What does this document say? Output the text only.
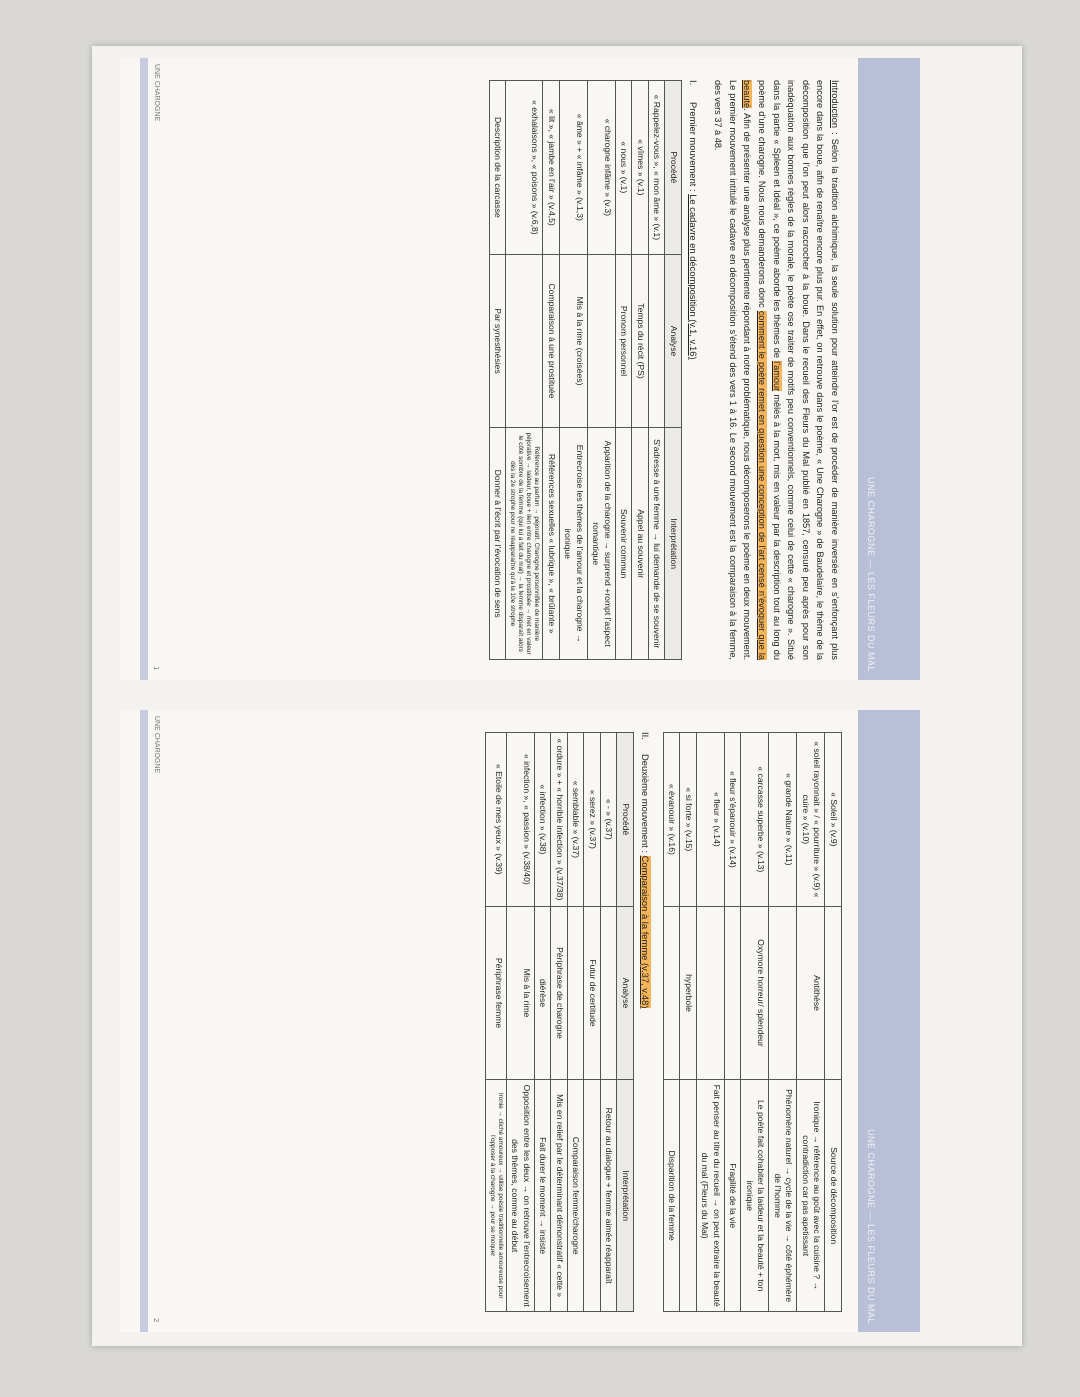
UNE CHAROGNE — LES FLEURS DU MAL

Introduction : Selon la tradition alchimique, la seule solution pour atteindre l’or est de procéder de manière inversée en s’enfonçant plus encore dans la boue, afin de renaître encore plus pur. En effet, on retrouve dans le poème, « Une Charogne » de Baudelaire, le thème de la décomposition que l’on peut alors raccrocher à la boue. Dans le recueil des Fleurs du Mal publié en 1857, censuré peu après pour son inadéquation aux bonnes règles de la morale, le poète ose traiter de motifs peu conventionnels, comme celui de cette « charogne ». Situé dans la partie « Spleen et Idéal », ce poème aborde les thèmes de l’amour mêlés à la mort, mis en valeur par la description tout au long du poème d’une charogne. Nous nous demanderons donc comment le poète remet en question une conception de l’art censé n’évoquer que la beauté. Afin de présenter une analyse plus pertinente répondant à notre problématique, nous décomposerons le poème en deux mouvement. Le premier mouvement intitulé le cadavre en décomposition s’étend des vers 1 à 16. Le second mouvement est la comparaison à la femme, des vers 37 à 48.

I.Premier mouvement : Le cadavre en décomposition (v.1, v.16)
Procédé	Analyse	Interprétation
« Rappelez-vous », « mon âme » (v.1)		S’adresse à une femme → lui demande de se souvenir
« vîmes » (v.1)	Temps du récit (PS)	Appel au souvenir
« nous » (v.1)	Pronom personnel	Souvenir commun
« charogne infâme » (v.3)		Apparition de la charogne → surprend +rompt l’aspect romantique
« âme » + « infâme » (v.1,3)	Mis à la rime (croisées)	Entrecroise les thèmes de l’amour et la charogne → ironique
« lit », « jambe en l’air » (v.4,5)	Comparaison à une prostituée	Références sexuelles « lubrique », « brûlante »
« exhalaisons », « poisons » (v.6,8)		Référence au parfum → péjoratif. Charogne personnifiée de manière péjorative → laideur, boue + lien entre charogne et prostituée → met en valeur le côté sombre de la femme (qui lui a fait du mal) → la femme disparaît alors dès la 2e strophe pour ne réapparaître qu’à la 10e strophe
Description de la carcasse	Par synesthésies	Donner à l’écrit par l’évocation de sens
UNE CHAROGNE
1
UNE CHAROGNE — LES FLEURS DU MAL
« Soleil » (v.9)		Source de décomposition
« soleil rayonnait » / « pourriture » (v.9) « cuire » (v.10)	Antithèse	Ironique → référence au goût avec la cuisine ? → contradiction car pas apetissant
« grande Nature » (v.11)		Phénomène naturel → cycle de la vie → côté éphémère de l’homme
« carcasse superbe » (v.13)	Oxymore horreur/ splendeur	Le poète fait cohabiter la laideur et la beauté + ton ironique
« fleur s’épanouir » (v.14)		Fragilité de la vie
« fleur » (v.14)		Fait penser au titre du recueil → on peut extraire la beauté du mal (Fleurs du Mal)
« si forte » (v.15)	hyperbole	
« évanouir » (v.16)		Disparition de la femme
II.Deuxième mouvement : Comparaison à la femme (v.37, v.48)
Procédé	Analyse	Interprétation
« - » (v.37)		Retour au dialogue + femme aimée réapparaît
« serez » (v.37)	Futur de certitude	
« semblable » (v.37)		Comparaison femme/charogne
« ordure » + « horrible infection » (v.37/38)	Périphrase de charogne	Mis en relief par le déterminant démonstratif « cette »
« infection » (v.38)	diérèse	Fait durer le moment → insiste
« infection », « passion » (v.38/40)	Mis à la rime	Opposition entre les deux → on retrouve l’entrecroisement des thèmes, comme au début
« Etoile de mes yeux » (v.39)	Périphrase femme	Ironie → cliché amoureux → utilise poésie traditionnelle amoureuse pour l’opposer à la charogne → pour se moquer
UNE CHAROGNE
2
